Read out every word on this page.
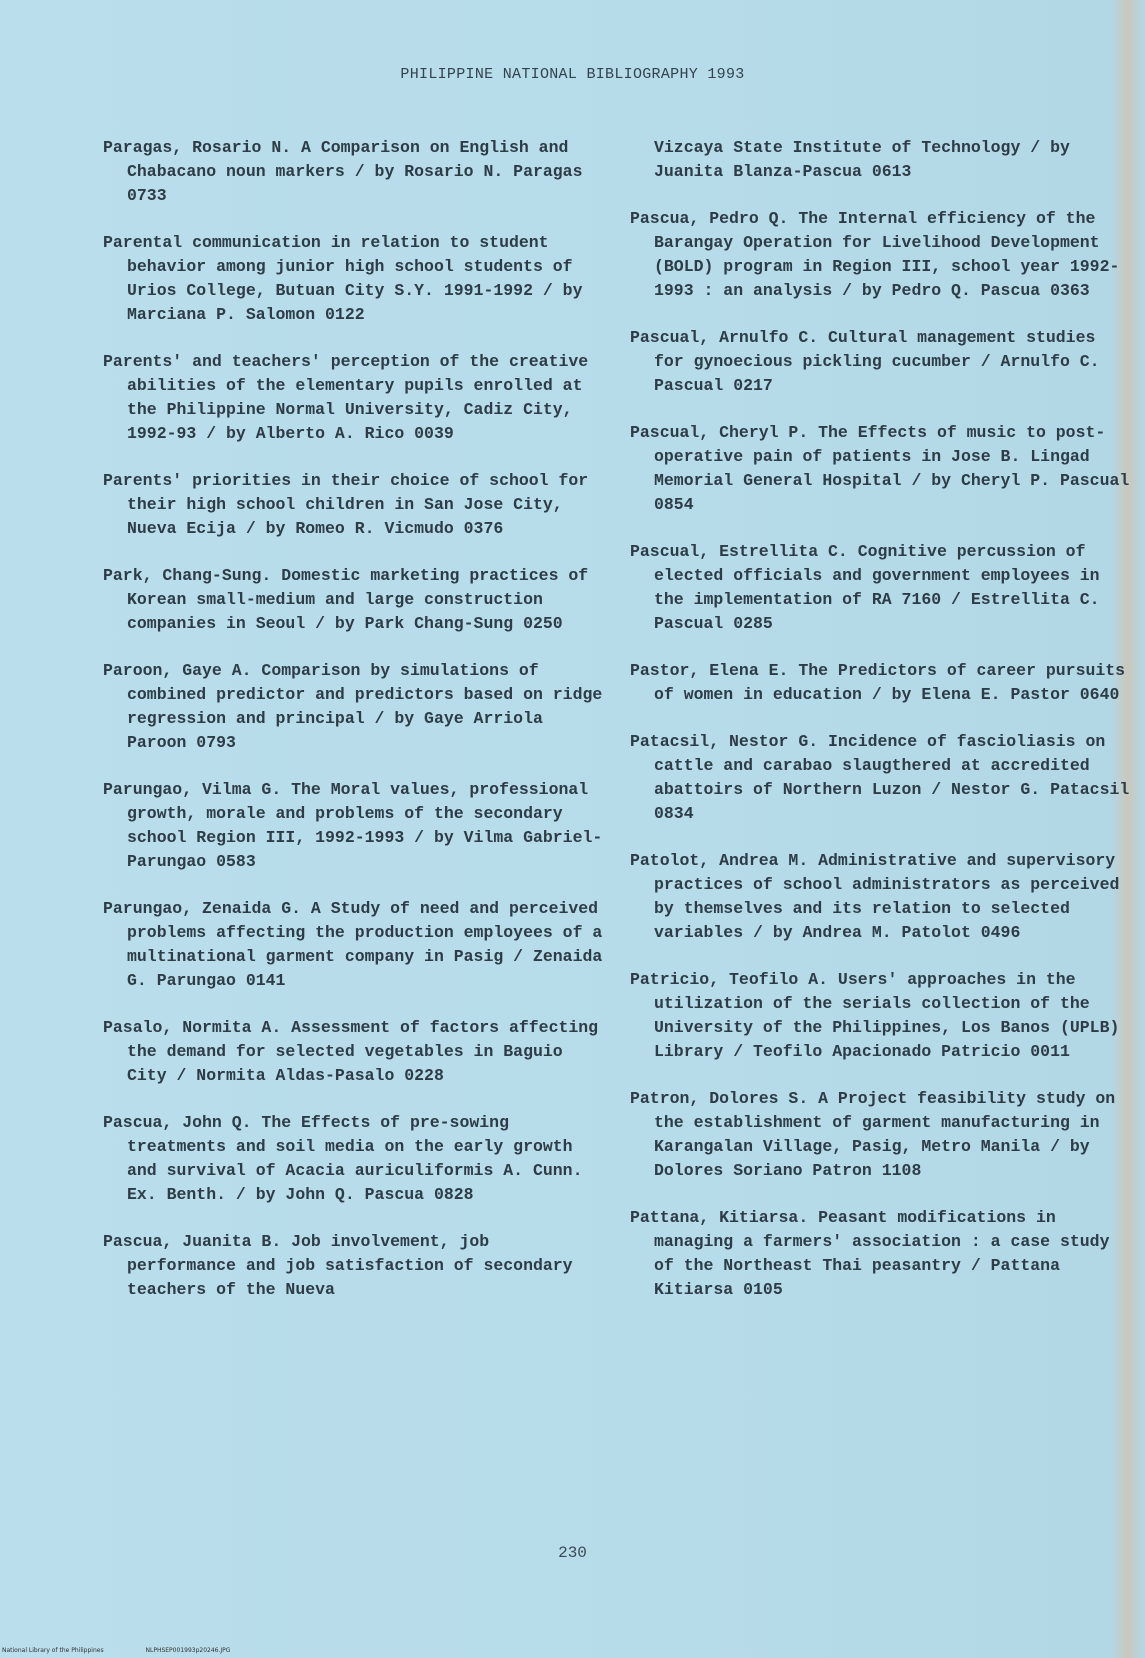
PHILIPPINE NATIONAL BIBLIOGRAPHY 1993

Paragas, Rosario N. A Comparison on English and Chabacano noun markers / by Rosario N. Paragas 0733

Parental communication in relation to student behavior among junior high school students of Urios College, Butuan City S.Y. 1991-1992 / by Marciana P. Salomon 0122

Parents' and teachers' perception of the creative abilities of the elementary pupils enrolled at the Philippine Normal University, Cadiz City, 1992-93 / by Alberto A. Rico 0039

Parents' priorities in their choice of school for their high school children in San Jose City, Nueva Ecija / by Romeo R. Vicmudo 0376

Park, Chang-Sung. Domestic marketing practices of Korean small-medium and large construction companies in Seoul / by Park Chang-Sung 0250

Paroon, Gaye A. Comparison by simulations of combined predictor and predictors based on ridge regression and principal / by Gaye Arriola Paroon 0793

Parungao, Vilma G. The Moral values, professional growth, morale and problems of the secondary school Region III, 1992-1993 / by Vilma Gabriel-Parungao 0583

Parungao, Zenaida G. A Study of need and perceived problems affecting the production employees of a multinational garment company in Pasig / Zenaida G. Parungao 0141

Pasalo, Normita A. Assessment of factors affecting the demand for selected vegetables in Baguio City / Normita Aldas-Pasalo 0228

Pascua, John Q. The Effects of pre-sowing treatments and soil media on the early growth and survival of Acacia auriculiformis A. Cunn. Ex. Benth. / by John Q. Pascua 0828

Pascua, Juanita B. Job involvement, job performance and job satisfaction of secondary teachers of the Nueva

Vizcaya State Institute of Technology / by Juanita Blanza-Pascua 0613

Pascua, Pedro Q. The Internal efficiency of the Barangay Operation for Livelihood Development (BOLD) program in Region III, school year 1992-1993 : an analysis / by Pedro Q. Pascua 0363

Pascual, Arnulfo C. Cultural management studies for gynoecious pickling cucumber / Arnulfo C. Pascual 0217

Pascual, Cheryl P. The Effects of music to post-operative pain of patients in Jose B. Lingad Memorial General Hospital / by Cheryl P. Pascual 0854

Pascual, Estrellita C. Cognitive percussion of elected officials and government employees in the implementation of RA 7160 / Estrellita C. Pascual 0285

Pastor, Elena E. The Predictors of career pursuits of women in education / by Elena E. Pastor 0640

Patacsil, Nestor G. Incidence of fascioliasis on cattle and carabao slaugthered at accredited abattoirs of Northern Luzon / Nestor G. Patacsil 0834

Patolot, Andrea M. Administrative and supervisory practices of school administrators as perceived by themselves and its relation to selected variables / by Andrea M. Patolot 0496

Patricio, Teofilo A. Users' approaches in the utilization of the serials collection of the University of the Philippines, Los Banos (UPLB) Library / Teofilo Apacionado Patricio 0011

Patron, Dolores S. A Project feasibility study on the establishment of garment manufacturing in Karangalan Village, Pasig, Metro Manila / by Dolores Soriano Patron 1108

Pattana, Kitiarsa. Peasant modifications in managing a farmers' association : a case study of the Northeast Thai peasantry / Pattana Kitiarsa 0105

230
National Library of the Philippines	NLPHSEP001993p20246.JPG
